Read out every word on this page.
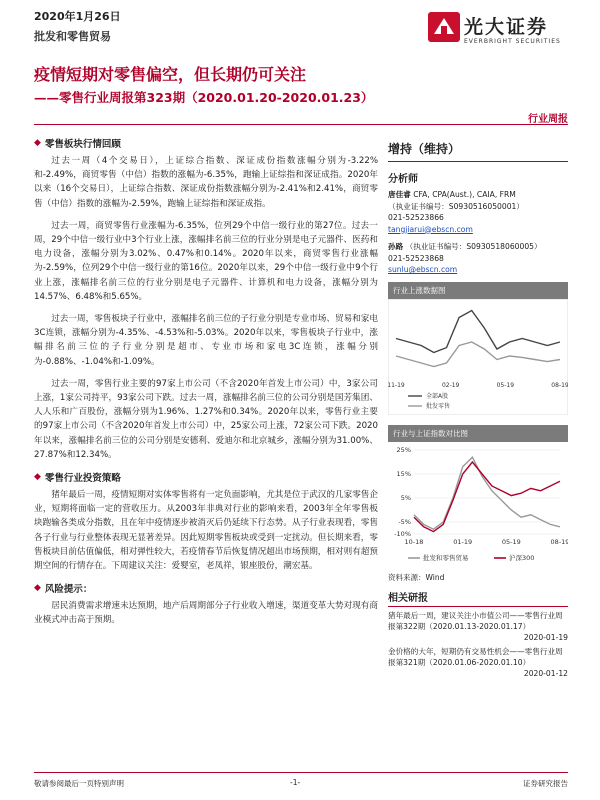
2020年1月26日
批发和零售贸易	光大证券
EVERBRIGHT SECURITIES
疫情短期对零售偏空，但长期仍可关注
——零售行业周报第323期（2020.01.20-2020.01.23）
行业周报
◆ 零售板块行情回顾

过去一周（4个交易日），上证综合指数、深证成份指数涨幅分别为-3.22%和-2.49%，商贸零售（中信）指数的涨幅为-6.35%，跑输上证综指和深证成指。2020年以来（16个交易日），上证综合指数、深证成份指数涨幅分别为-2.41%和2.41%，商贸零售（中信）指数的涨幅为-2.59%，跑输上证综指和深证成指。

过去一周，商贸零售行业涨幅为-6.35%，位列29个中信一级行业的第27位。过去一周，29个中信一级行业中3个行业上涨，涨幅排名前三位的行业分别是电子元器件、医药和电力设备，涨幅分别为3.02%、0.47%和0.14%。2020年以来，商贸零售行业涨幅为-2.59%，位列29个中信一级行业的第16位。2020年以来，29个中信一级行业中9个行业上涨，涨幅排名前三位的行业分别是电子元器件、计算机和电力设备，涨幅分别为14.57%、6.48%和5.65%。

过去一周，零售板块子行业中，涨幅排名前三位的子行业分别是专业市场、贸易和家电3C连锁，涨幅分别为-4.35%、-4.53%和-5.03%。2020年以来，零售板块子行业中，涨幅排名前三位的子行业分别是超市、专业市场和家电3C连锁，涨幅分别为-0.88%、-1.04%和-1.09%。

过去一周，零售行业主要的97家上市公司（不含2020年首发上市公司）中，3家公司上涨，1家公司持平，93家公司下跌。过去一周，涨幅排名前三位的公司分别是国芳集团、人人乐和广百股份，涨幅分别为1.96%、1.27%和0.34%。2020年以来，零售行业主要的97家上市公司（不含2020年首发上市公司）中，25家公司上涨，72家公司下跌。2020年以来，涨幅排名前三位的公司分别是安德利、爱迪尔和北京城乡，涨幅分别为31.00%、27.87%和12.34%。

◆ 零售行业投资策略

猪年最后一周，疫情短期对实体零售将有一定负面影响，尤其是位于武汉的几家零售企业，短期将面临一定的营收压力。从2003年非典对行业的影响来看，2003年全年零售板块跑输各类成分指数，且在年中疫情逐步被消灭后仍延续下行态势。从子行业表现看，零售各子行业与行业整体表现无显著差异。因此短期零售板块或受到一定扰动。但长期来看，零售板块目前估值偏低，相对弹性较大，若疫情春节后恢复情况超出市场预期，相对则有超预期空间的行情存在。下周建议关注：爱婴室，老凤祥，银座股份，潮宏基。

◆ 风险提示：

居民消费需求增速未达预期，地产后周期部分子行业收入增速，渠道变革大势对现有商业模式冲击高于预期。

增持（维持）
分析师
唐佳睿 CFA, CPA(Aust.), CAIA, FRM
（执业证书编号：S0930516050001）
021-52523866
tangjiarui@ebscn.com
孙路 （执业证书编号：S0930518060005）
021-52523868
sunlu@ebscn.com
行业上涨数据图
11-19	02-19	05-19	08-19
全部A股
批发零售
行业与上证指数对比图
25%
15%
5%
-5%
-10%
10-18	01-19	05-19	08-19
批发和零售贸易	沪深300
资料来源：Wind
相关研报
猪年最后一周，建议关注小市值公司——零售行业周报第322期（2020.01.13-2020.01.17）
2020-01-19
金价格的大年，短期仍有交易性机会——零售行业周报第321期（2020.01.06-2020.01.10）
2020-01-12
敬请参阅最后一页特别声明	-1-	证券研究报告
